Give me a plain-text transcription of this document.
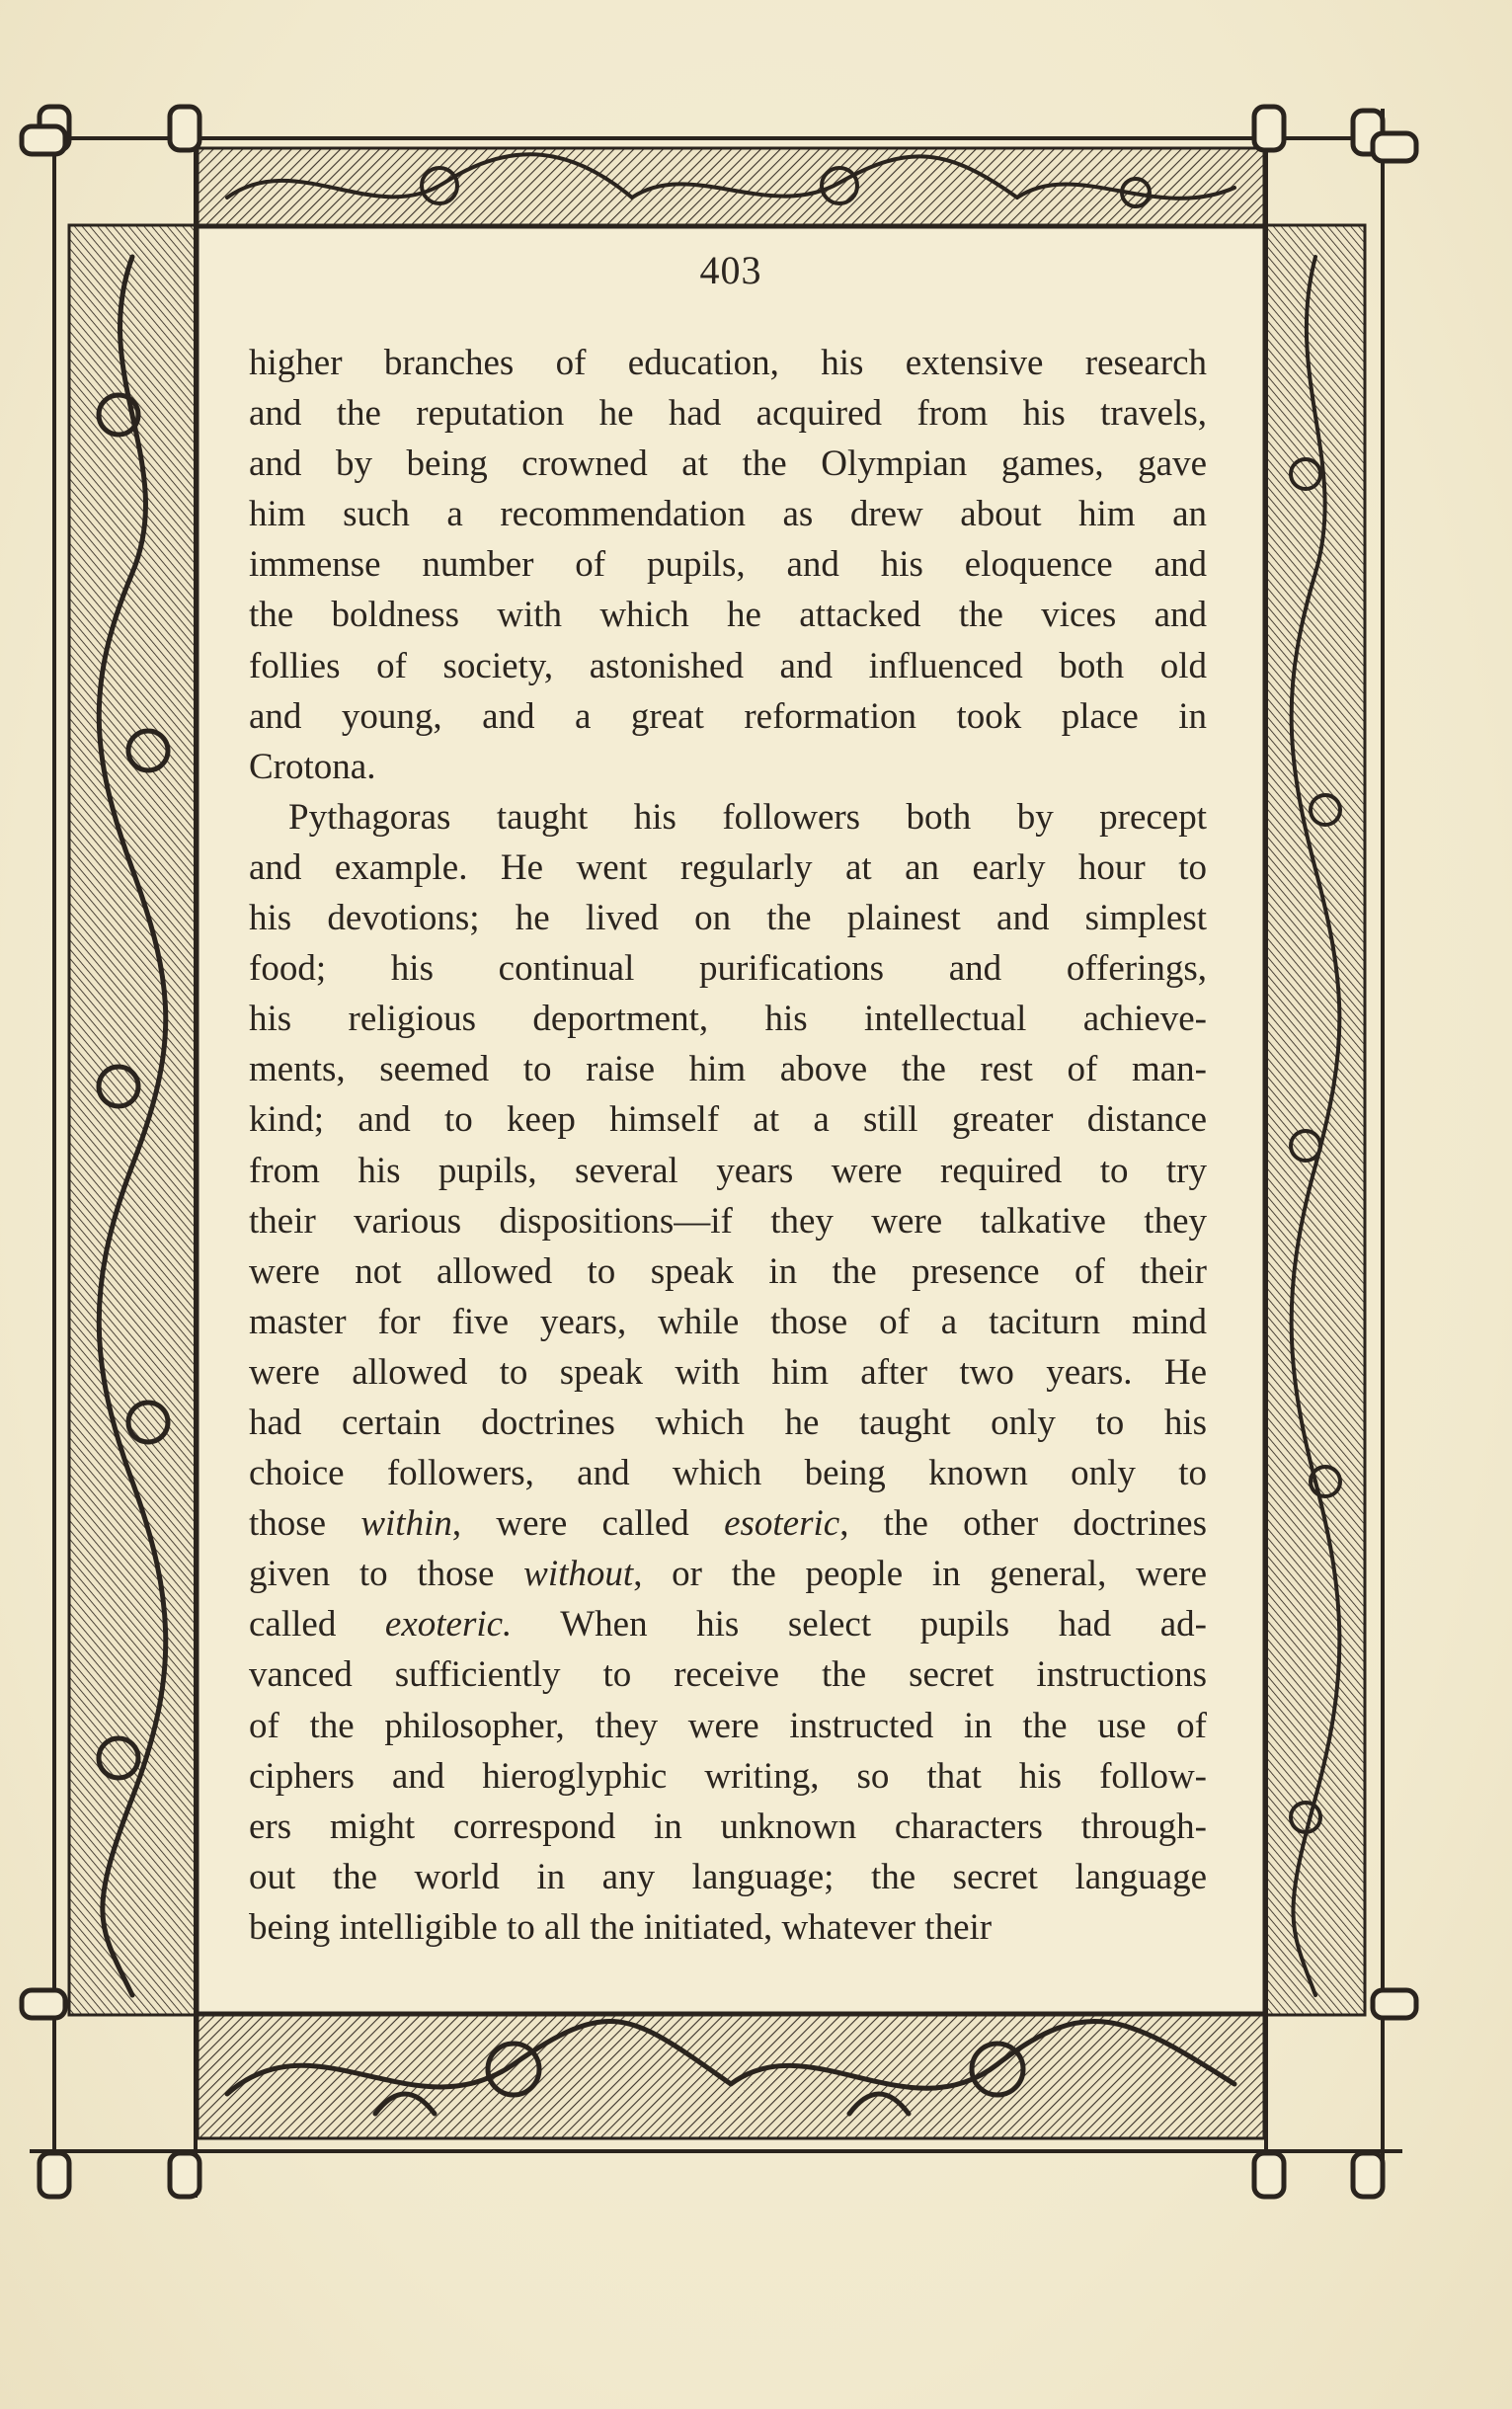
403
higher branches of education, his extensive research
and the reputation he had acquired from his travels,
and by being crowned at the Olympian games, gave
him such a recommendation as drew about him an
immense number of pupils, and his eloquence and
the boldness with which he attacked the vices and
follies of society, astonished and influenced both old
and young, and a great reformation took place in
Crotona.
Pythagoras taught his followers both by precept
and example. He went regularly at an early hour to
his devotions; he lived on the plainest and simplest
food; his continual purifications and offerings,
his religious deportment, his intellectual achieve-
ments, seemed to raise him above the rest of man-
kind; and to keep himself at a still greater distance
from his pupils, several years were required to try
their various dispositions—if they were talkative they
were not allowed to speak in the presence of their
master for five years, while those of a taciturn mind
were allowed to speak with him after two years. He
had certain doctrines which he taught only to his
choice followers, and which being known only to
those within, were called esoteric, the other doctrines
given to those without, or the people in general, were
called exoteric. When his select pupils had ad-
vanced sufficiently to receive the secret instructions
of the philosopher, they were instructed in the use of
ciphers and hieroglyphic writing, so that his follow-
ers might correspond in unknown characters through-
out the world in any language; the secret language
being intelligible to all the initiated, whatever their
